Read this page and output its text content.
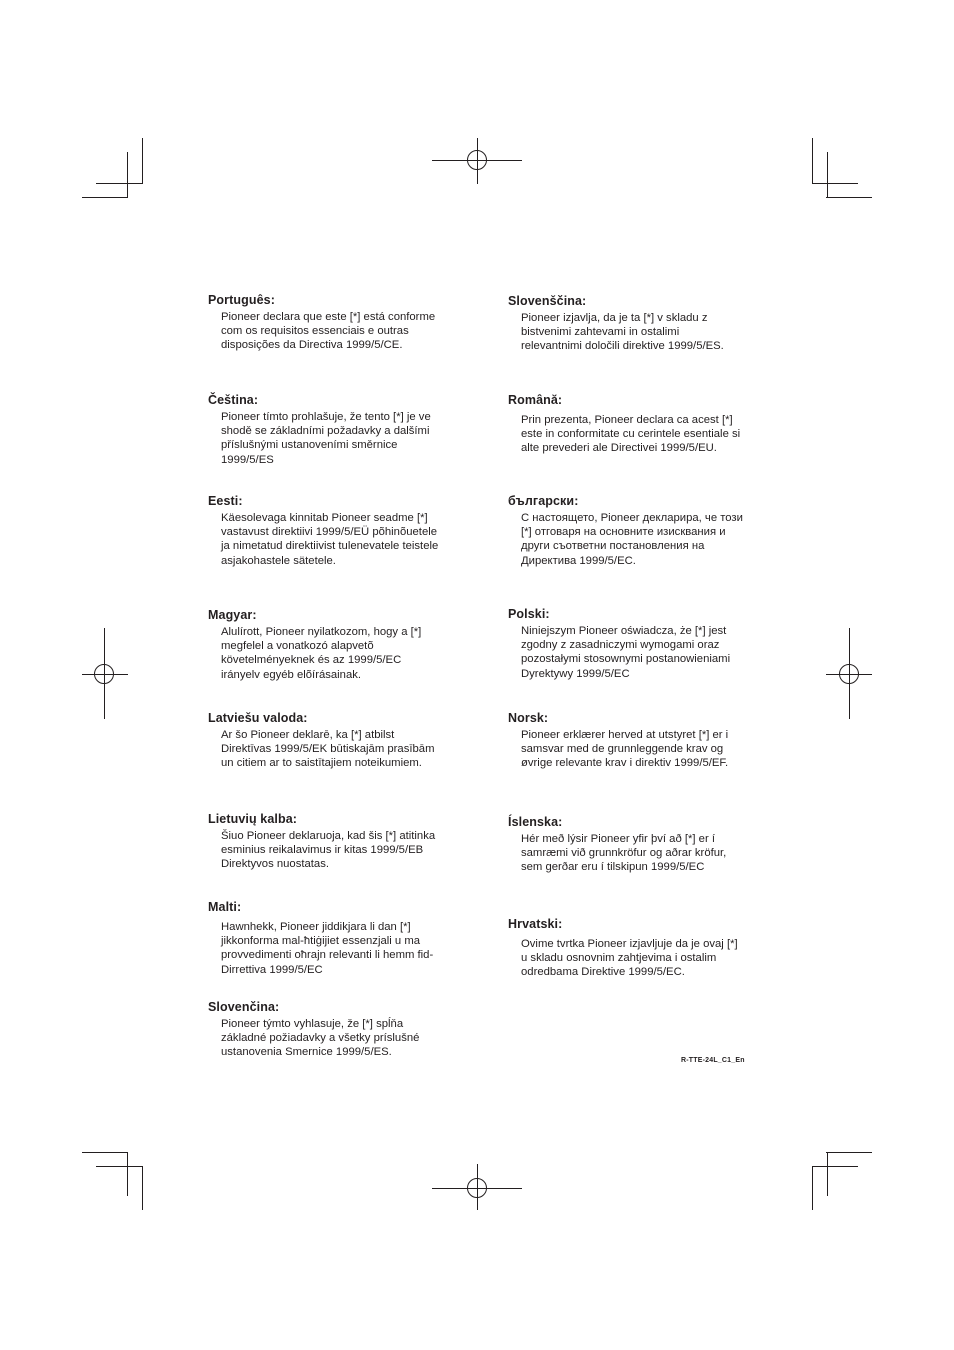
Português:

Pioneer declara que este [*] está conforme com os requisitos essenciais e outras disposições da Directiva 1999/5/CE.

Čeština:

Pioneer tímto prohlašuje, že tento [*] je ve shodě se základními požadavky a dalšími příslušnými ustanoveními směrnice 1999/5/ES

Eesti:

Käesolevaga kinnitab Pioneer seadme [*] vastavust direktiivi 1999/5/EÜ põhinõuetele ja nimetatud direktiivist tulenevatele teistele asjakohastele sätetele.

Magyar:

Alulírott, Pioneer nyilatkozom, hogy a [*] megfelel a vonatkozó alapvetõ követelményeknek és az 1999/5/EC irányelv egyéb elõírásainak.

Latviešu valoda:

Ar šo Pioneer deklarē, ka [*] atbilst Direktīvas 1999/5/EK būtiskajām prasībām un citiem ar to saistītajiem noteikumiem.

Lietuvių kalba:

Šiuo Pioneer deklaruoja, kad šis [*] atitinka esminius reikalavimus ir kitas 1999/5/EB Direktyvos nuostatas.

Malti:

Hawnhekk, Pioneer jiddikjara li dan [*] jikkonforma mal-ħtiġijiet essenzjali u ma provvedimenti oħrajn relevanti li hemm fid-Dirrettiva 1999/5/EC

Slovenčina:

Pioneer týmto vyhlasuje, že [*] spĺňa základné požiadavky a všetky príslušné ustanovenia Smernice 1999/5/ES.

Slovenščina:

Pioneer izjavlja, da je ta [*] v skladu z bistvenimi zahtevami in ostalimi relevantnimi določili direktive 1999/5/ES.

Română:

Prin prezenta, Pioneer declara ca acest [*] este in conformitate cu cerintele esentiale si alte prevederi ale Directivei 1999/5/EU.

български:

С настоящето, Pioneer декларира, че този [*] отговаря на основните изисквания и други съответни постановления на Директива 1999/5/EC.

Polski:

Niniejszym Pioneer oświadcza, że [*] jest zgodny z zasadniczymi wymogami oraz pozostałymi stosownymi postanowieniami Dyrektywy 1999/5/EC

Norsk:

Pioneer erklærer herved at utstyret [*] er i samsvar med de grunnleggende krav og øvrige relevante krav i direktiv 1999/5/EF.

Íslenska:

Hér með lýsir Pioneer yfir því að [*] er í samræmi við grunnkröfur og aðrar kröfur, sem gerðar eru í tilskipun 1999/5/EC

Hrvatski:

Ovime tvrtka Pioneer izjavljuje da je ovaj [*] u skladu osnovnim zahtjevima i ostalim odredbama Direktive 1999/5/EC.

R-TTE-24L_C1_En
